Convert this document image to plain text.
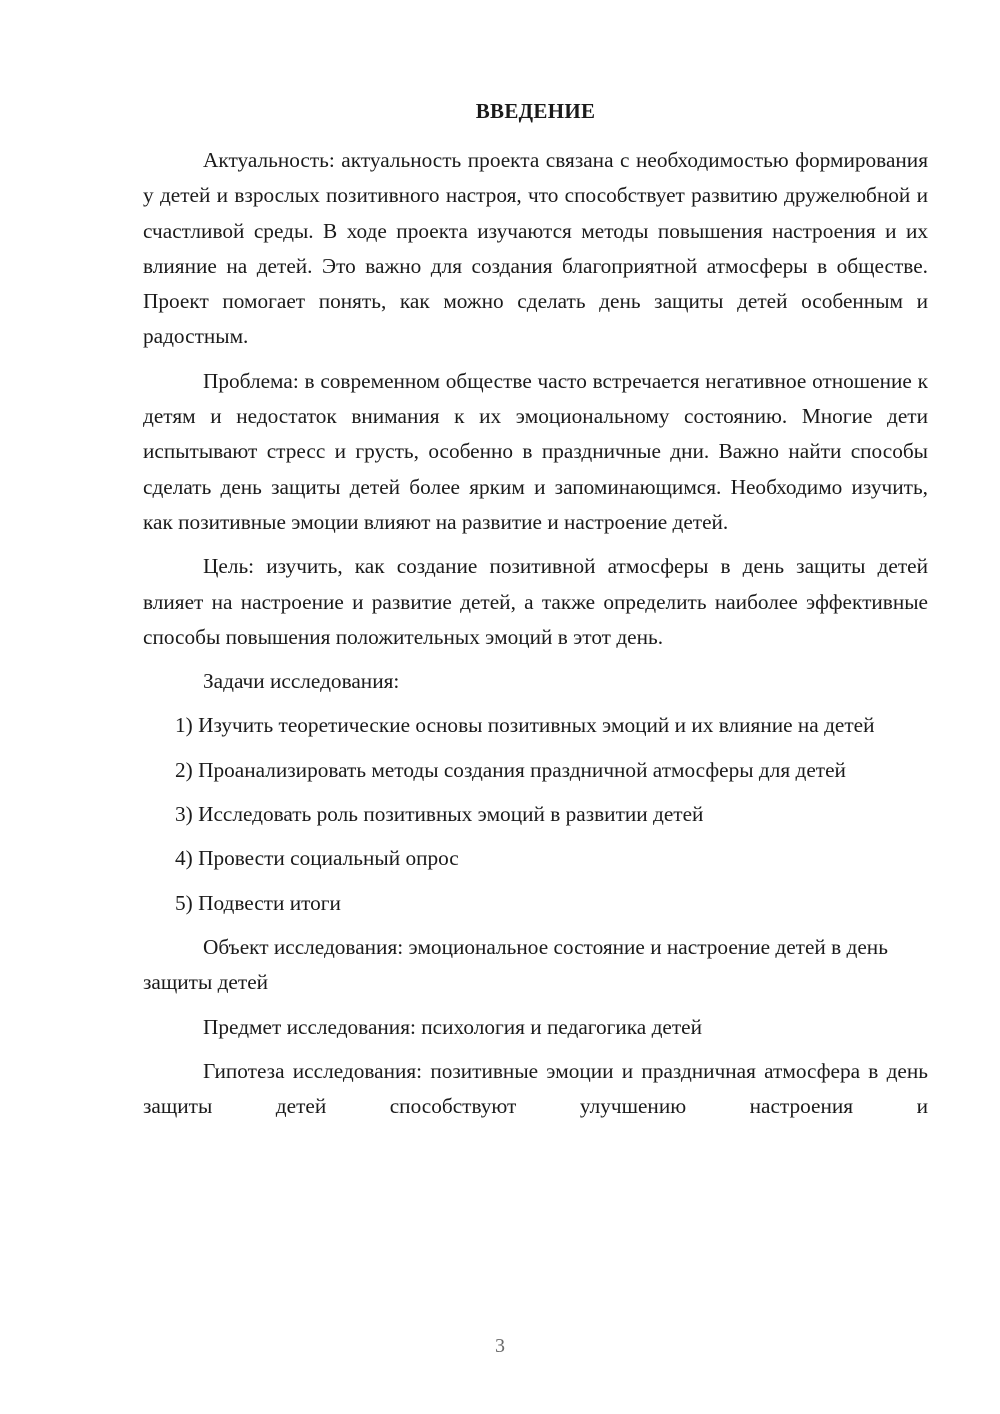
ВВЕДЕНИЕ

Актуальность: актуальность проекта связана с необходимостью формирования у детей и взрослых позитивного настроя, что способствует развитию дружелюбной и счастливой среды. В ходе проекта изучаются методы повышения настроения и их влияние на детей. Это важно для создания благоприятной атмосферы в обществе. Проект помогает понять, как можно сделать день защиты детей особенным и радостным.

Проблема: в современном обществе часто встречается негативное отношение к детям и недостаток внимания к их эмоциональному состоянию. Многие дети испытывают стресс и грусть, особенно в праздничные дни. Важно найти способы сделать день защиты детей более ярким и запоминающимся. Необходимо изучить, как позитивные эмоции влияют на развитие и настроение детей.

Цель: изучить, как создание позитивной атмосферы в день защиты детей влияет на настроение и развитие детей, а также определить наиболее эффективные способы повышения положительных эмоций в этот день.

Задачи исследования:

1) Изучить теоретические основы позитивных эмоций и их влияние на детей

2) Проанализировать методы создания праздничной атмосферы для детей

3) Исследовать роль позитивных эмоций в развитии детей

4) Провести социальный опрос

5) Подвести итоги

Объект исследования: эмоциональное состояние и настроение детей в день защиты детей

Предмет исследования: психология и педагогика детей

Гипотеза исследования: позитивные эмоции и праздничная атмосфера в день защиты детей способствуют улучшению настроения и

3
